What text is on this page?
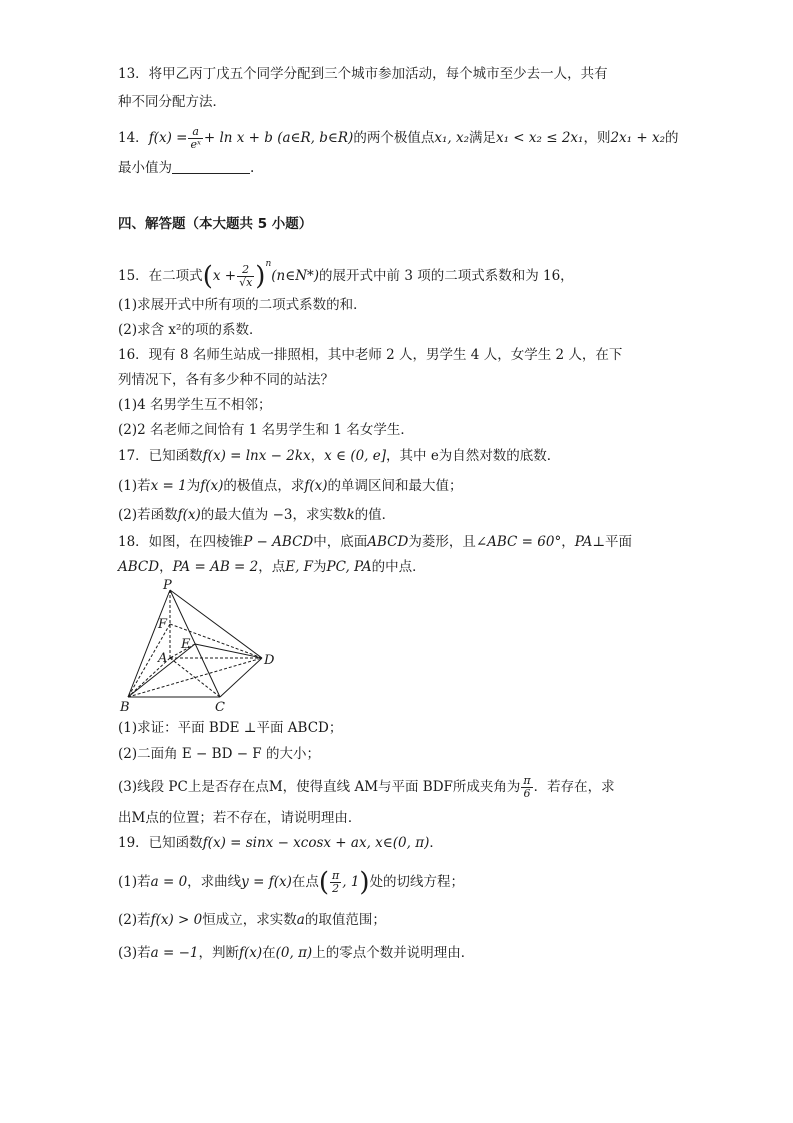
13．将甲乙丙丁戊五个同学分配到三个城市参加活动，每个城市至少去一人，共有
种不同分配方法．
14．$f(x) = \frac{a}{\text{eˣ}} + \ln x + b$ (a∈R, b∈R)的两个极值点x₁, x₂满足x₁ < x₂ ≤ 2x₁，则2x₁ + x₂的
最小值为	.
四、解答题（本大题共 5 小题）
15．在二项式($x + \frac{2}{√x}$ )$^n(n\in N*)$的展开式中前 3 项的二项式系数和为 16，
(1)求展开式中所有项的二项式系数的和．
(2)求含 x²的项的系数．
16．现有 8 名师生站成一排照相，其中老师 2 人，男学生 4 人，女学生 2 人，在下
列情况下，各有多少种不同的站法？
(1)4 名男学生互不相邻；
(2)2 名老师之间恰有 1 名男学生和 1 名女学生．
17．已知函数f(x) = lnx − 2kx，x ∈ (0, e]，其中 e为自然对数的底数．
(1)若x = 1为f(x)的极值点，求f(x)的单调区间和最大值；
(2)若函数f(x)的最大值为 −3，求实数k的值．
18．如图，在四棱锥P − ABCD中，底面ABCD为菱形，且∠ABC = 60°，PA⊥平面
ABCD，PA = AB = 2，点E, F为PC, PA的中点．
P
F
E
A	D
B	C
(1)求证：平面 BDE ⊥平面 ABCD；
(2)二面角 E − BD − F 的大小；
(3)线段 PC上是否存在点M，使得直线 AM与平面 BDF所成夹角为 $\frac{\pi}{6}$ ．若存在，求
出M点的位置；若不存在，请说明理由．
19．已知函数f(x) = sinx − xcosx + ax, x∈(0, π)．
(1)若a = 0，求曲线y = f(x)在点( $\frac{\pi}{2}$ , 1)处的切线方程；
(2)若f(x) > 0恒成立，求实数a的取值范围；
(3)若a = −1，判断f(x)在(0, π)上的零点个数并说明理由．
